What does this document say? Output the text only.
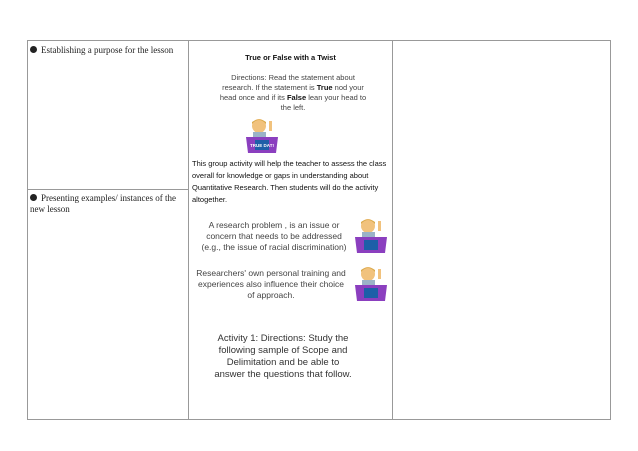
Establishing a purpose for the lesson
Presenting examples/ instances of the new lesson
True or False with a Twist
Directions: Read the statement about research. If the statement is True nod your head once and if its False lean your head to the left.
TRUE DAT!
This group activity will help the teacher to assess the class overall for knowledge or gaps in understanding about Quantitative Research. Then students will do the activity altogether.
A research problem , is an issue or concern that needs to be addressed (e.g., the issue of racial discrimination)
Researchers' own personal training and experiences also influence their choice of approach.
Activity 1: Directions: Study the following sample of Scope and Delimitation and be able to answer the questions that follow.
